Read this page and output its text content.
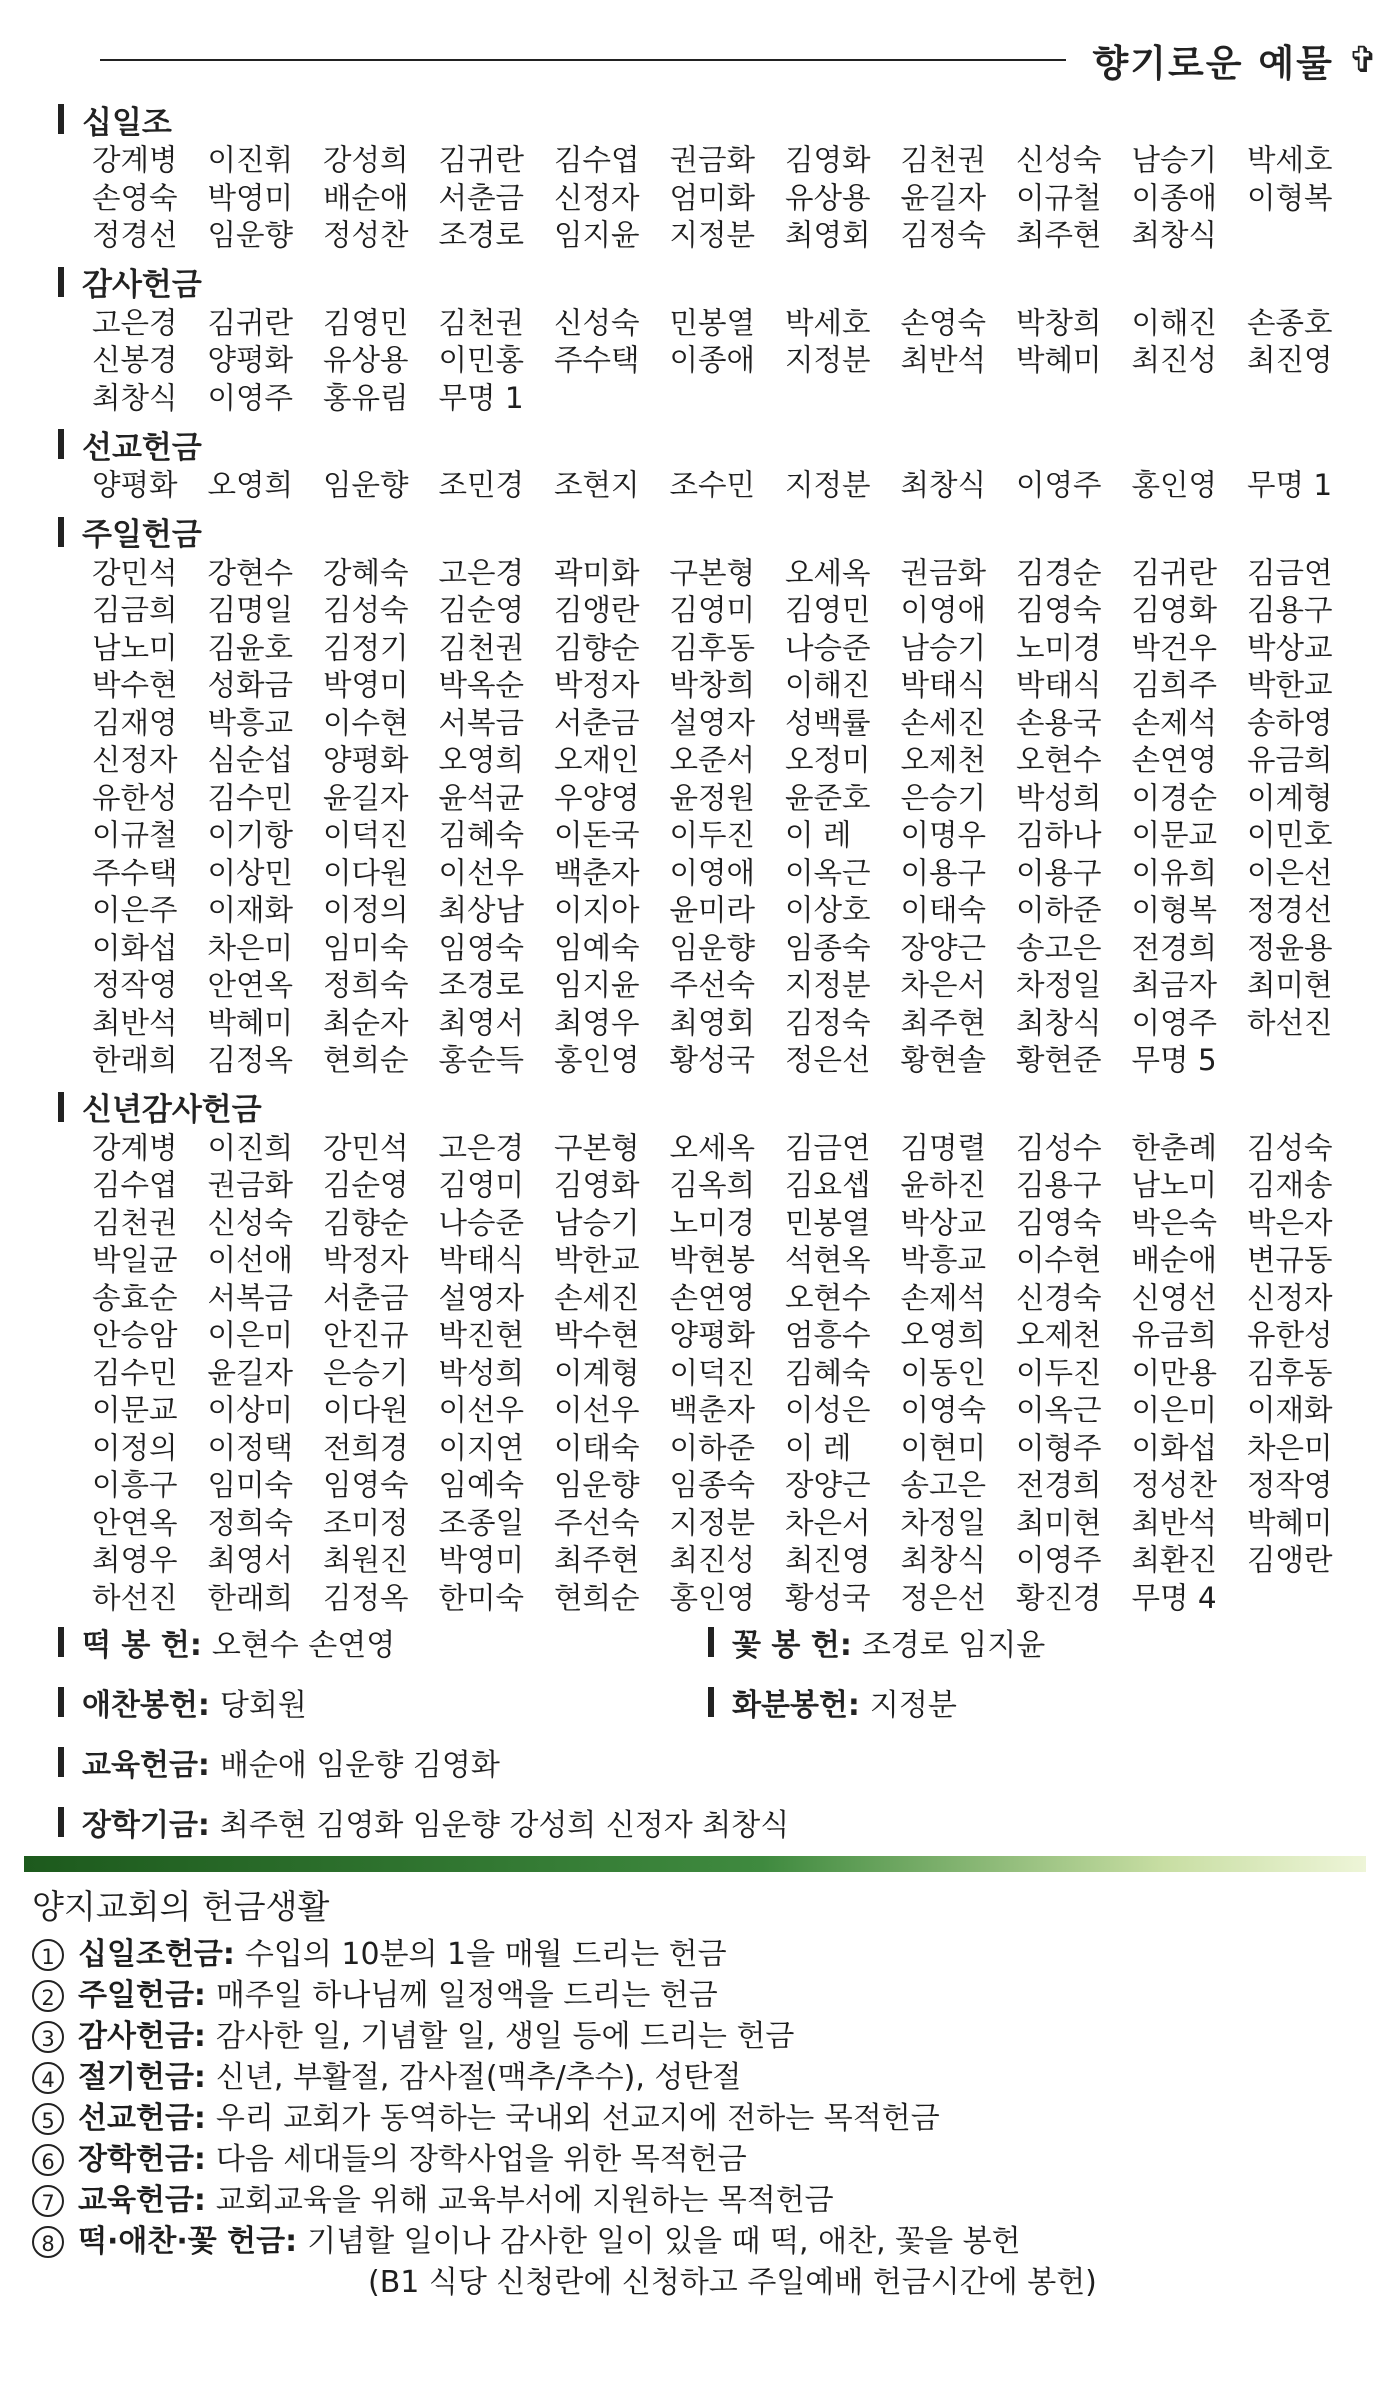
향기로운 예물 ✞
십일조
강계병 이진휘 강성희 김귀란 김수엽 권금화 김영화 김천권 신성숙 남승기 박세호
손영숙 박영미 배순애 서춘금 신정자 엄미화 유상용 윤길자 이규철 이종애 이형복
정경선 임운향 정성찬 조경로 임지윤 지정분 최영회 김정숙 최주현 최창식
감사헌금
고은경 김귀란 김영민 김천권 신성숙 민봉열 박세호 손영숙 박창희 이해진 손종호
신봉경 양평화 유상용 이민홍 주수택 이종애 지정분 최반석 박혜미 최진성 최진영
최창식 이영주 홍유림 무명 1
선교헌금
양평화 오영희 임운향 조민경 조현지 조수민 지정분 최창식 이영주 홍인영 무명 1
주일헌금
강민석 강현수 강혜숙 고은경 곽미화 구본형 오세옥 권금화 김경순 김귀란 김금연
김금희 김명일 김성숙 김순영 김앵란 김영미 김영민 이영애 김영숙 김영화 김용구
남노미 김윤호 김정기 김천권 김향순 김후동 나승준 남승기 노미경 박건우 박상교
박수현 성화금 박영미 박옥순 박정자 박창희 이해진 박태식 박태식 김희주 박한교
김재영 박흥교 이수현 서복금 서춘금 설영자 성백률 손세진 손용국 손제석 송하영
신정자 심순섭 양평화 오영희 오재인 오준서 오정미 오제천 오현수 손연영 유금희
유한성 김수민 윤길자 윤석균 우양영 윤정원 윤준호 은승기 박성희 이경순 이계형
이규철 이기항 이덕진 김혜숙 이돈국 이두진 이 레 이명우 김하나 이문교 이민호
주수택 이상민 이다원 이선우 백춘자 이영애 이옥근 이용구 이용구 이유희 이은선
이은주 이재화 이정의 최상남 이지아 윤미라 이상호 이태숙 이하준 이형복 정경선
이화섭 차은미 임미숙 임영숙 임예숙 임운향 임종숙 장양근 송고은 전경희 정윤용
정작영 안연옥 정희숙 조경로 임지윤 주선숙 지정분 차은서 차정일 최금자 최미현
최반석 박혜미 최순자 최영서 최영우 최영회 김정숙 최주현 최창식 이영주 하선진
한래희 김정옥 현희순 홍순득 홍인영 황성국 정은선 황현솔 황현준 무명 5
신년감사헌금
강계병 이진희 강민석 고은경 구본형 오세옥 김금연 김명렬 김성수 한춘례 김성숙
김수엽 권금화 김순영 김영미 김영화 김옥희 김요셉 윤하진 김용구 남노미 김재송
김천권 신성숙 김향순 나승준 남승기 노미경 민봉열 박상교 김영숙 박은숙 박은자
박일균 이선애 박정자 박태식 박한교 박현봉 석현옥 박흥교 이수현 배순애 변규동
송효순 서복금 서춘금 설영자 손세진 손연영 오현수 손제석 신경숙 신영선 신정자
안승암 이은미 안진규 박진현 박수현 양평화 엄흥수 오영희 오제천 유금희 유한성
김수민 윤길자 은승기 박성희 이계형 이덕진 김혜숙 이동인 이두진 이만용 김후동
이문교 이상미 이다원 이선우 이선우 백춘자 이성은 이영숙 이옥근 이은미 이재화
이정의 이정택 전희경 이지연 이태숙 이하준 이 레 이현미 이형주 이화섭 차은미
이흥구 임미숙 임영숙 임예숙 임운향 임종숙 장양근 송고은 전경희 정성찬 정작영
안연옥 정희숙 조미정 조종일 주선숙 지정분 차은서 차정일 최미현 최반석 박혜미
최영우 최영서 최원진 박영미 최주현 최진성 최진영 최창식 이영주 최환진 김앵란
하선진 한래희 김정옥 한미숙 현희순 홍인영 황성국 정은선 황진경 무명 4
떡 봉 헌: 오현수 손연영	꽃 봉 헌: 조경로 임지윤
애찬봉헌: 당회원	화분봉헌: 지정분
교육헌금: 배순애 임운향 김영화
장학기금: 최주현 김영화 임운향 강성희 신정자 최창식
양지교회의 헌금생활
1 십일조헌금: 수입의 10분의 1을 매월 드리는 헌금
2 주일헌금: 매주일 하나님께 일정액을 드리는 헌금
3 감사헌금: 감사한 일, 기념할 일, 생일 등에 드리는 헌금
4 절기헌금: 신년, 부활절, 감사절(맥추/추수), 성탄절
5 선교헌금: 우리 교회가 동역하는 국내외 선교지에 전하는 목적헌금
6 장학헌금: 다음 세대들의 장학사업을 위한 목적헌금
7 교육헌금: 교회교육을 위해 교육부서에 지원하는 목적헌금
8 떡·애찬·꽃 헌금: 기념할 일이나 감사한 일이 있을 때 떡, 애찬, 꽃을 봉헌
(B1 식당 신청란에 신청하고 주일예배 헌금시간에 봉헌)
